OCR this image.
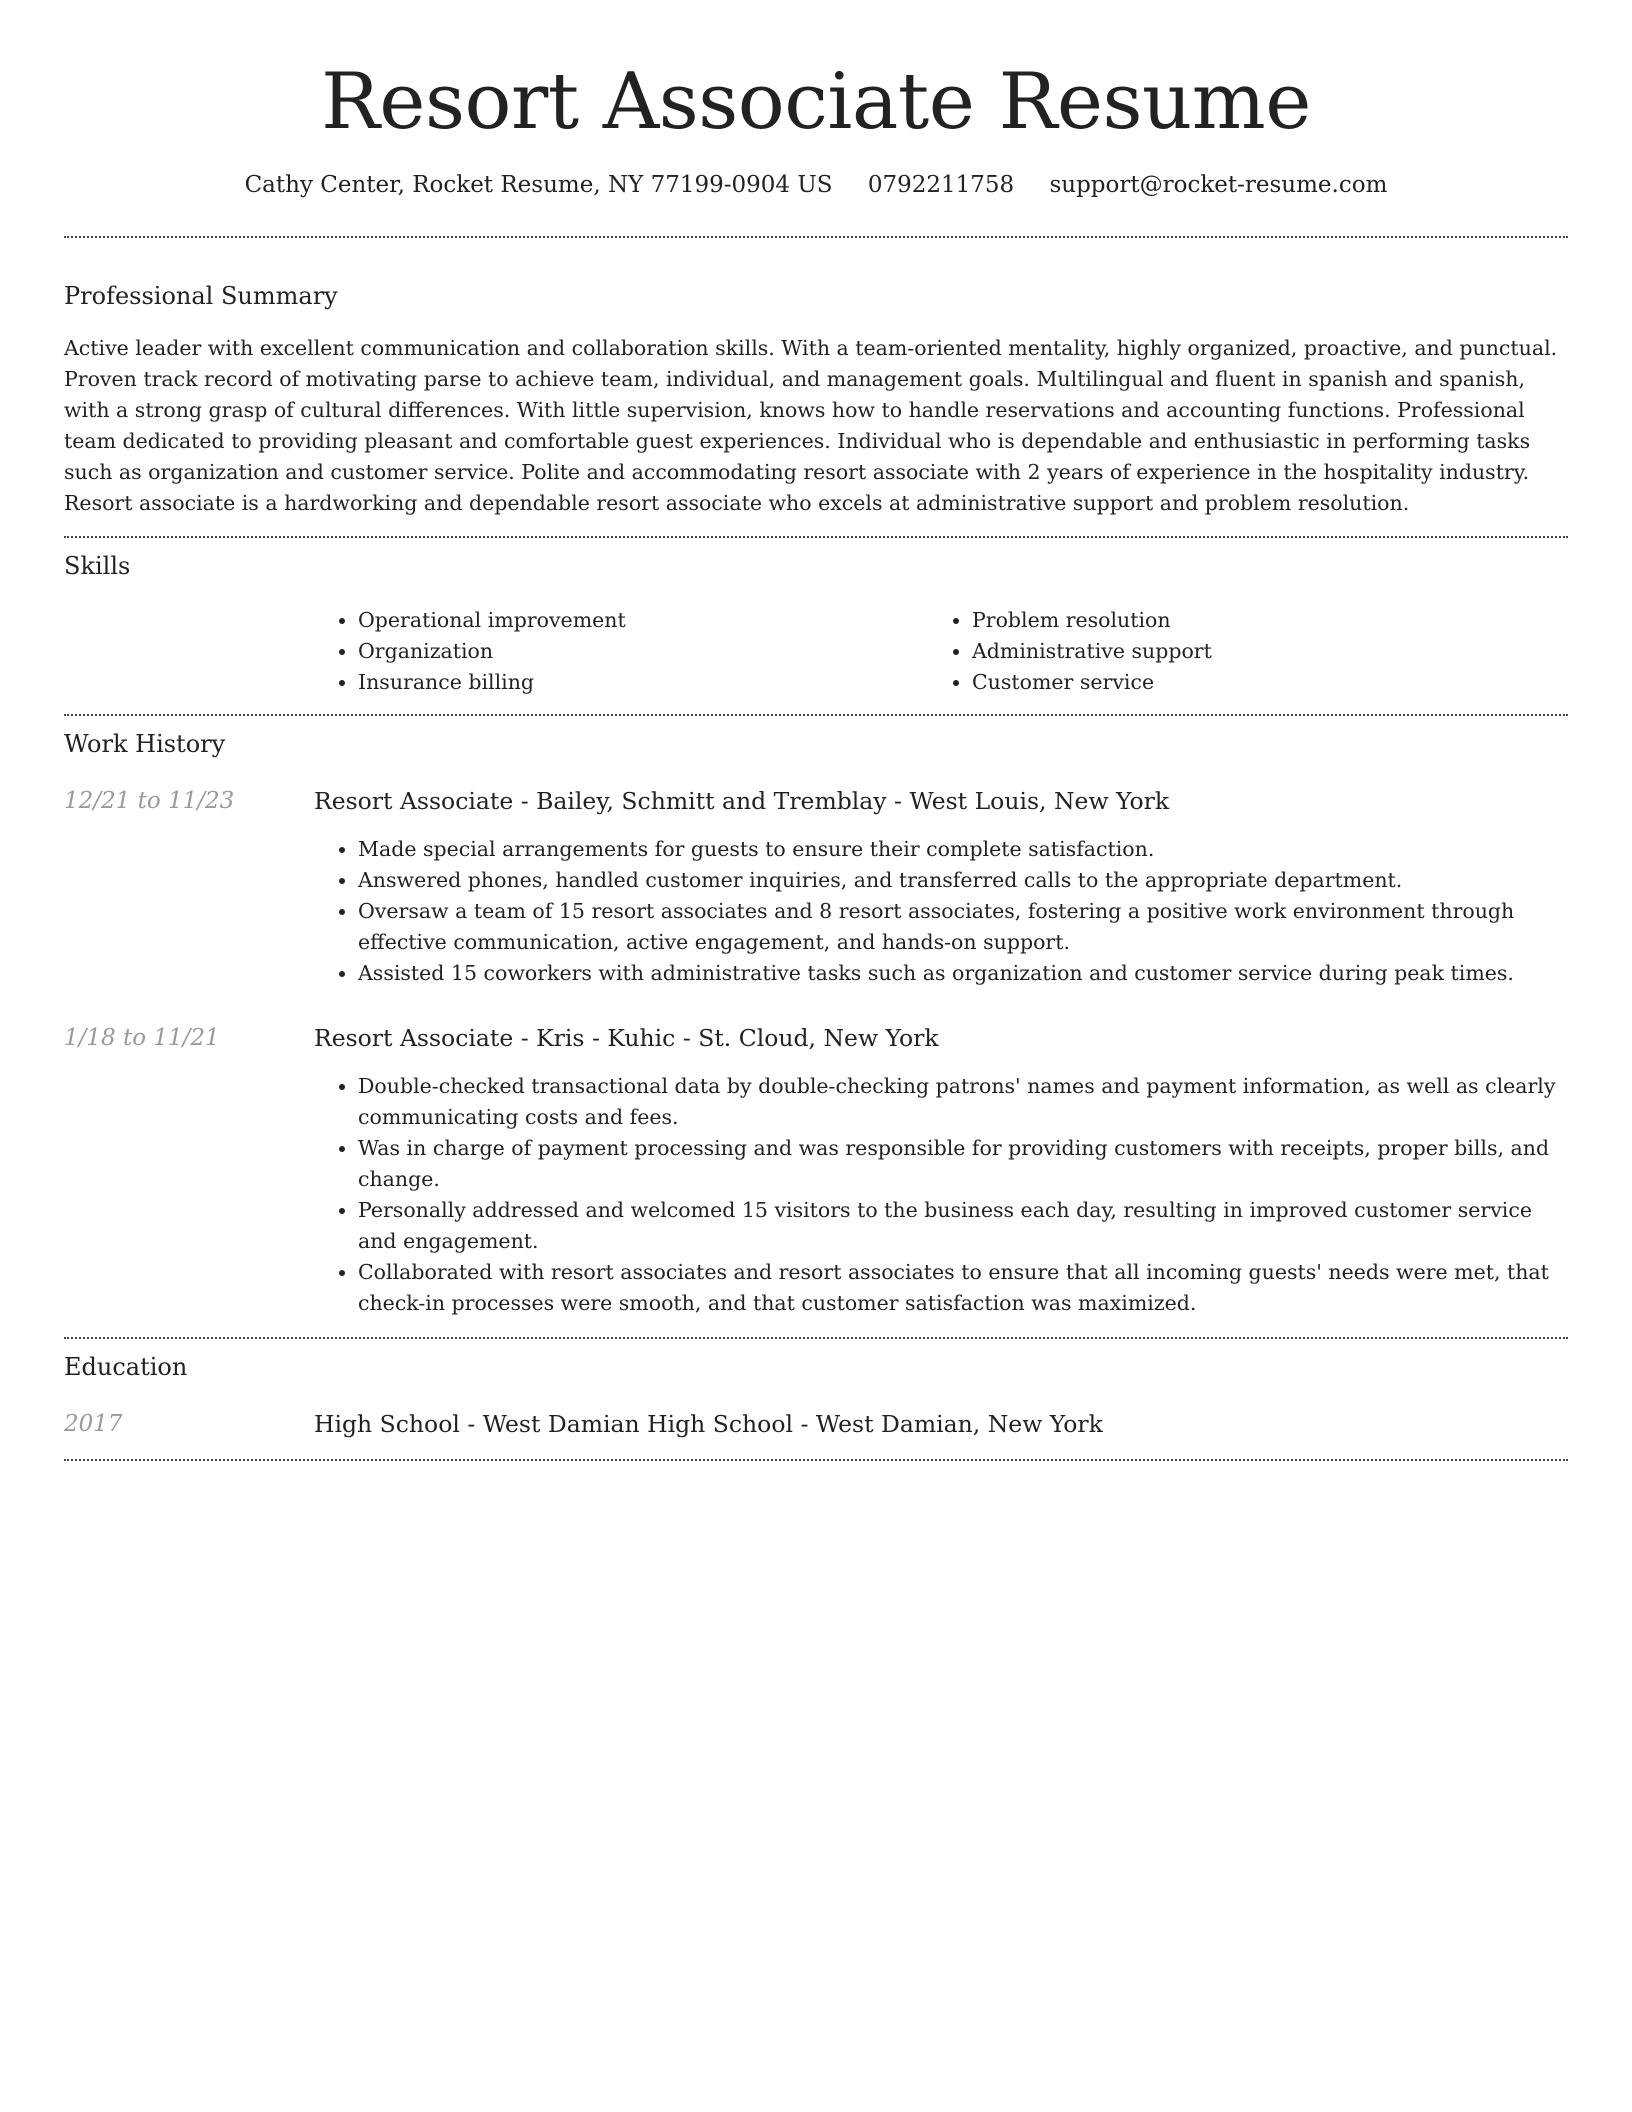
Resort Associate Resume
Cathy Center, Rocket Resume, NY 77199-0904 US 0792211758 support@rocket-resume.com
Professional Summary

Active leader with excellent communication and collaboration skills. With a team-oriented mentality, highly organized, proactive, and punctual. Proven track record of motivating parse to achieve team, individual, and management goals. Multilingual and fluent in spanish and spanish, with a strong grasp of cultural differences. With little supervision, knows how to handle reservations and accounting functions. Professional team dedicated to providing pleasant and comfortable guest experiences. Individual who is dependable and enthusiastic in performing tasks such as organization and customer service. Polite and accommodating resort associate with 2 years of experience in the hospitality industry. Resort associate is a hardworking and dependable resort associate who excels at administrative support and problem resolution.

Skills
• Operational improvement
• Organization
• Insurance billing
• Problem resolution
• Administrative support
• Customer service
Work History
12/21 to 11/23	Resort Associate - Bailey, Schmitt and Tremblay - West Louis, New York

• Made special arrangements for guests to ensure their complete satisfaction.
• Answered phones, handled customer inquiries, and transferred calls to the appropriate department.
• Oversaw a team of 15 resort associates and 8 resort associates, fostering a positive work environment through effective communication, active engagement, and hands-on support.
• Assisted 15 coworkers with administrative tasks such as organization and customer service during peak times.
1/18 to 11/21	Resort Associate - Kris - Kuhic - St. Cloud, New York

• Double-checked transactional data by double-checking patrons' names and payment information, as well as clearly communicating costs and fees.
• Was in charge of payment processing and was responsible for providing customers with receipts, proper bills, and change.
• Personally addressed and welcomed 15 visitors to the business each day, resulting in improved customer service and engagement.
• Collaborated with resort associates and resort associates to ensure that all incoming guests' needs were met, that check-in processes were smooth, and that customer satisfaction was maximized.
Education
2017	High School - West Damian High School - West Damian, New York
